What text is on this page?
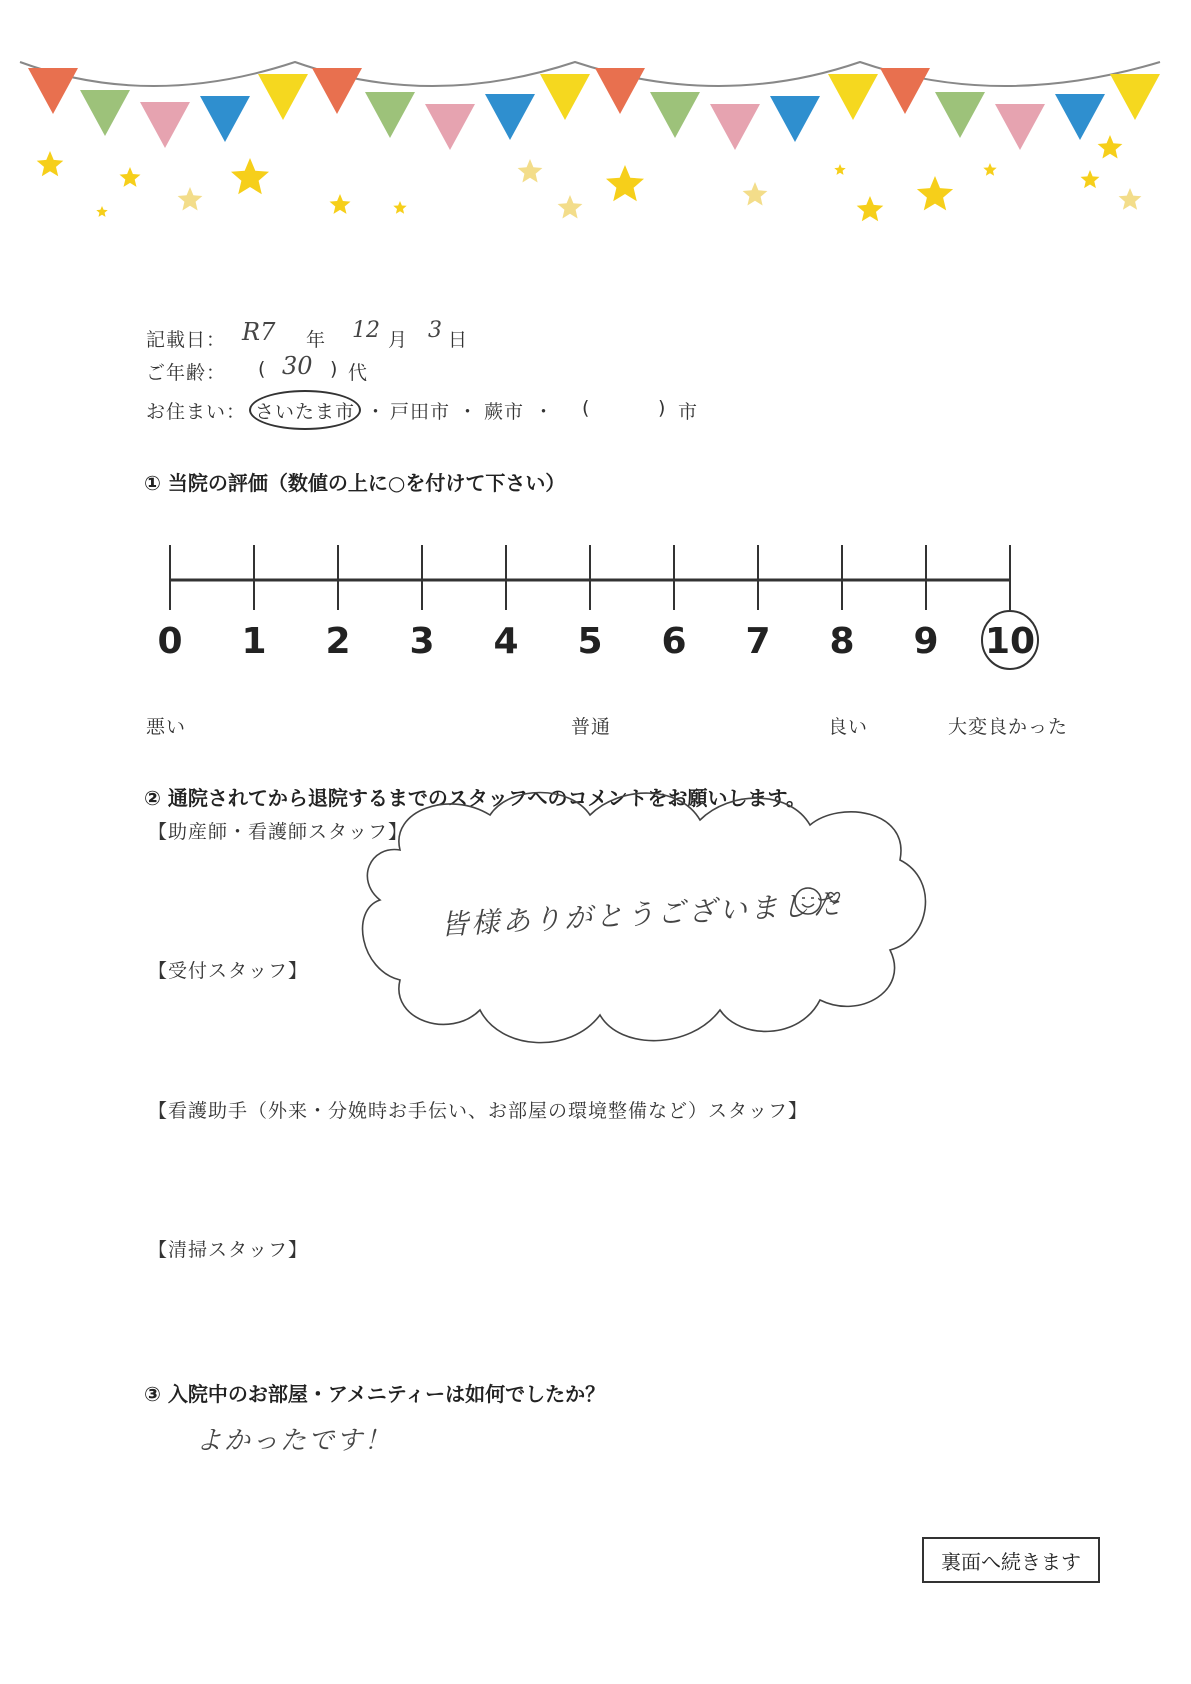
記載日： R7 年 12 月 3 日
ご年齢： ( 30 ) 代
お住まい： さいたま市 ・ 戸田市 ・ 蕨市 ・ (	) 市
① 当院の評価（数値の上に○を付けて下さい）
0 1 2 3 4 5 6 7 8 9 10
悪い	普通	良い	大変良かった
② 通院されてから退院するまでのスタッフへのコメントをお願いします。
【助産師・看護師スタッフ】
皆様ありがとうございました
【受付スタッフ】
【看護助手（外来・分娩時お手伝い、お部屋の環境整備など）スタッフ】
【清掃スタッフ】
③ 入院中のお部屋・アメニティーは如何でしたか？
よかったです！
裏面へ続きます
